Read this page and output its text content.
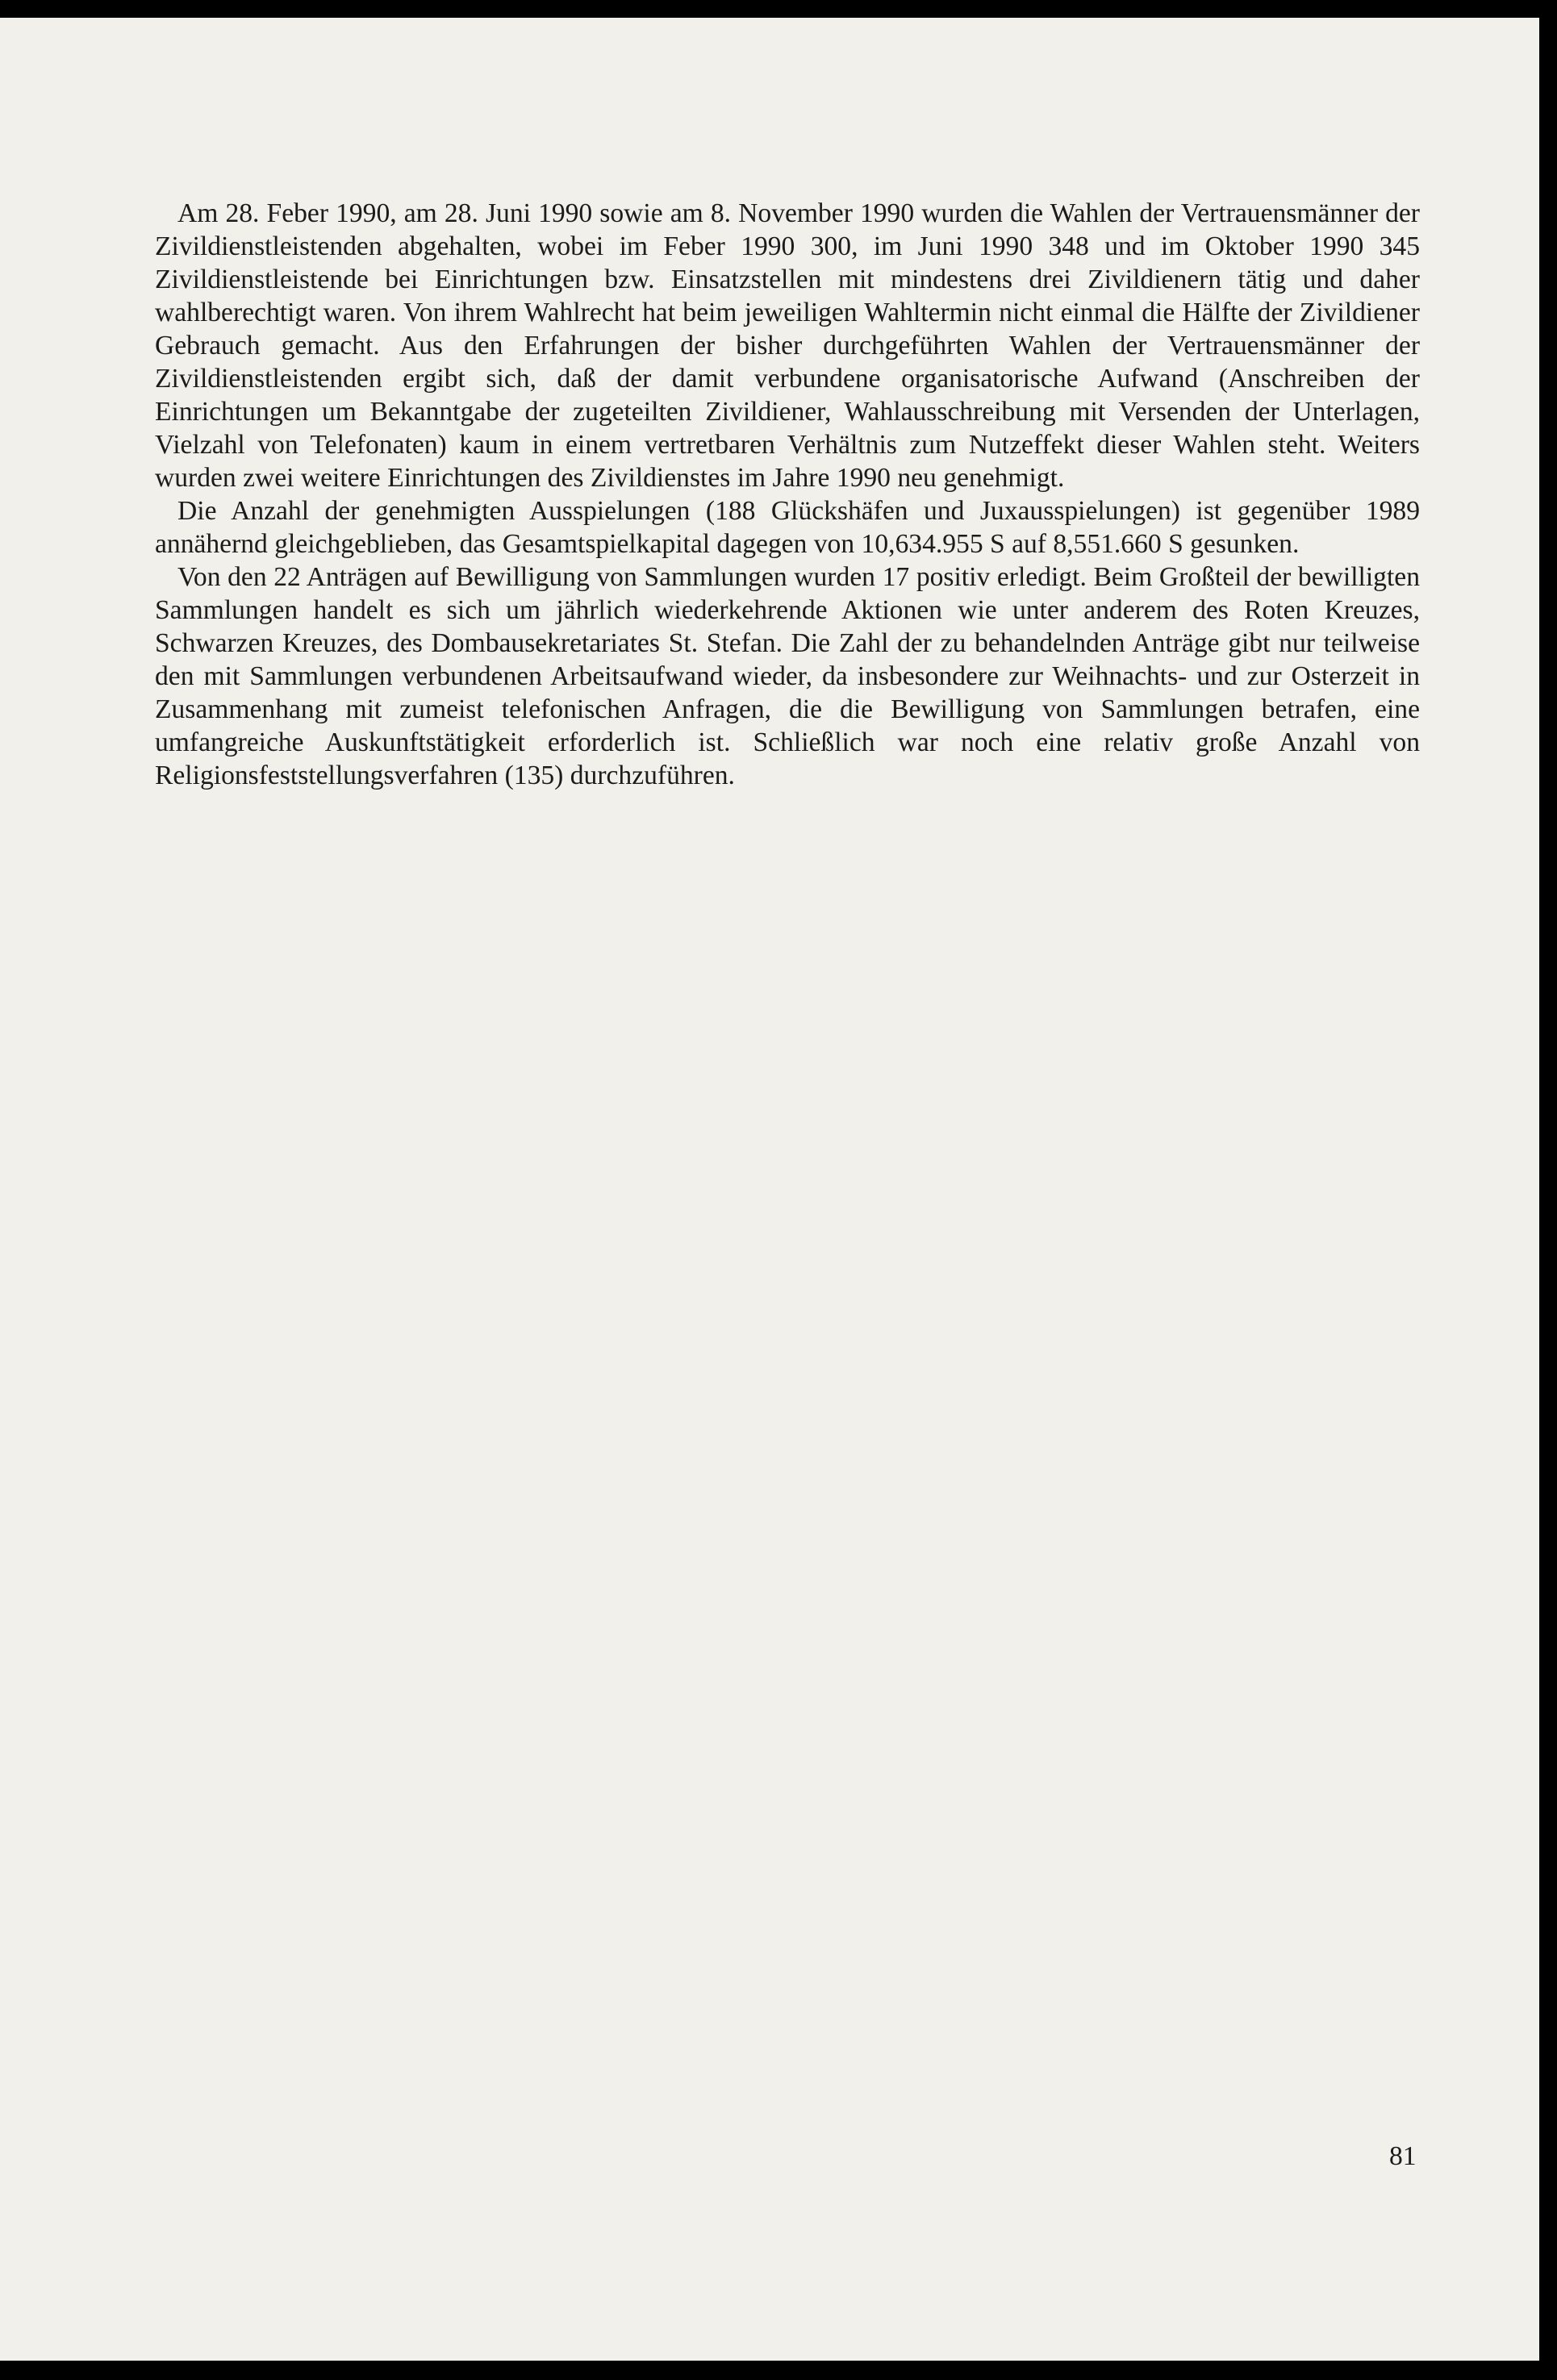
Am 28. Feber 1990, am 28. Juni 1990 sowie am 8. November 1990 wurden die Wahlen der Vertrauensmänner der Zivildienstleistenden abgehalten, wobei im Feber 1990 300, im Juni 1990 348 und im Oktober 1990 345 Zivildienstleistende bei Einrichtungen bzw. Einsatzstellen mit mindestens drei Zivildienern tätig und daher wahlberechtigt waren. Von ihrem Wahlrecht hat beim jeweiligen Wahltermin nicht einmal die Hälfte der Zivildiener Gebrauch gemacht. Aus den Erfahrungen der bisher durchgeführten Wahlen der Vertrauensmänner der Zivildienstleistenden ergibt sich, daß der damit verbundene organisatorische Aufwand (Anschreiben der Einrichtungen um Bekanntgabe der zugeteilten Zivildiener, Wahlausschreibung mit Versenden der Unterlagen, Vielzahl von Telefonaten) kaum in einem vertretbaren Verhältnis zum Nutzeffekt dieser Wahlen steht. Weiters wurden zwei weitere Einrichtungen des Zivildienstes im Jahre 1990 neu genehmigt.

Die Anzahl der genehmigten Ausspielungen (188 Glückshäfen und Juxausspielungen) ist gegenüber 1989 annähernd gleichgeblieben, das Gesamtspielkapital dagegen von 10,634.955 S auf 8,551.660 S gesunken.

Von den 22 Anträgen auf Bewilligung von Sammlungen wurden 17 positiv erledigt. Beim Großteil der bewilligten Sammlungen handelt es sich um jährlich wiederkehrende Aktionen wie unter anderem des Roten Kreuzes, Schwarzen Kreuzes, des Dombausekretariates St. Stefan. Die Zahl der zu behandelnden Anträge gibt nur teilweise den mit Sammlungen verbundenen Arbeitsaufwand wieder, da insbesondere zur Weihnachts- und zur Osterzeit in Zusammenhang mit zumeist telefonischen Anfragen, die die Bewilligung von Sammlungen betrafen, eine umfangreiche Auskunftstätigkeit erforderlich ist. Schließlich war noch eine relativ große Anzahl von Religionsfeststellungsverfahren (135) durchzuführen.

81
